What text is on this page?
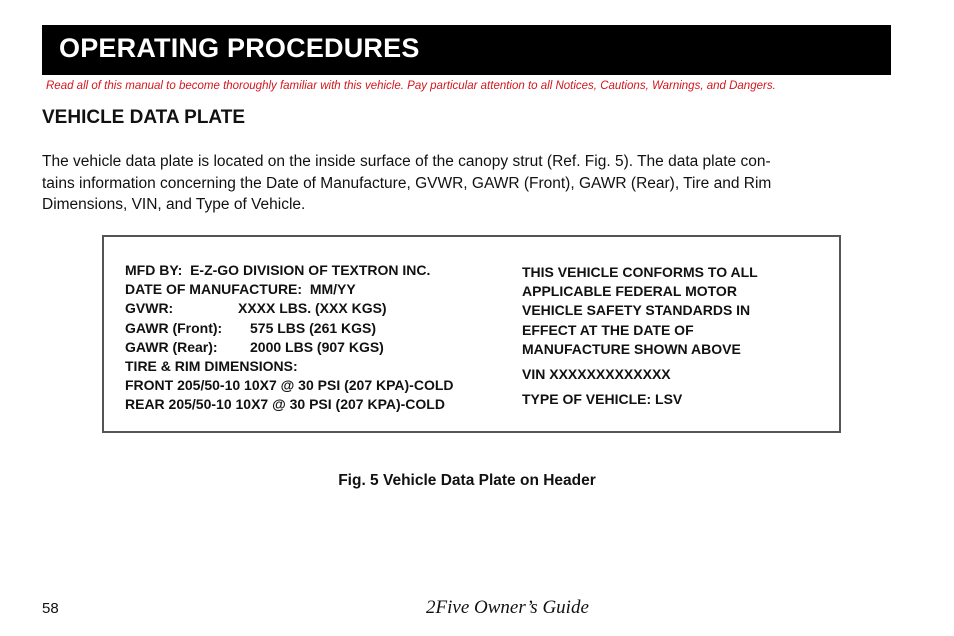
OPERATING PROCEDURES
Read all of this manual to become thoroughly familiar with this vehicle. Pay particular attention to all Notices, Cautions, Warnings, and Dangers.
VEHICLE DATA PLATE
The vehicle data plate is located on the inside surface of the canopy strut (Ref. Fig. 5). The data plate con-
tains information concerning the Date of Manufacture, GVWR, GAWR (Front), GAWR (Rear), Tire and Rim
Dimensions, VIN, and Type of Vehicle.
MFD BY: E-Z-GO DIVISION OF TEXTRON INC.
DATE OF MANUFACTURE: MM/YY
GVWR:	XXXX LBS. (XXX KGS)
GAWR (Front): 575 LBS (261 KGS)
GAWR (Rear): 2000 LBS (907 KGS)
TIRE & RIM DIMENSIONS:
FRONT 205/50-10 10X7 @ 30 PSI (207 KPA)-COLD
REAR 205/50-10 10X7 @ 30 PSI (207 KPA)-COLD
THIS VEHICLE CONFORMS TO ALL
APPLICABLE FEDERAL MOTOR
VEHICLE SAFETY STANDARDS IN
EFFECT AT THE DATE OF
MANUFACTURE SHOWN ABOVE
VIN XXXXXXXXXXXXX
TYPE OF VEHICLE: LSV
Fig. 5 Vehicle Data Plate on Header
58	2Five Owner’s Guide
